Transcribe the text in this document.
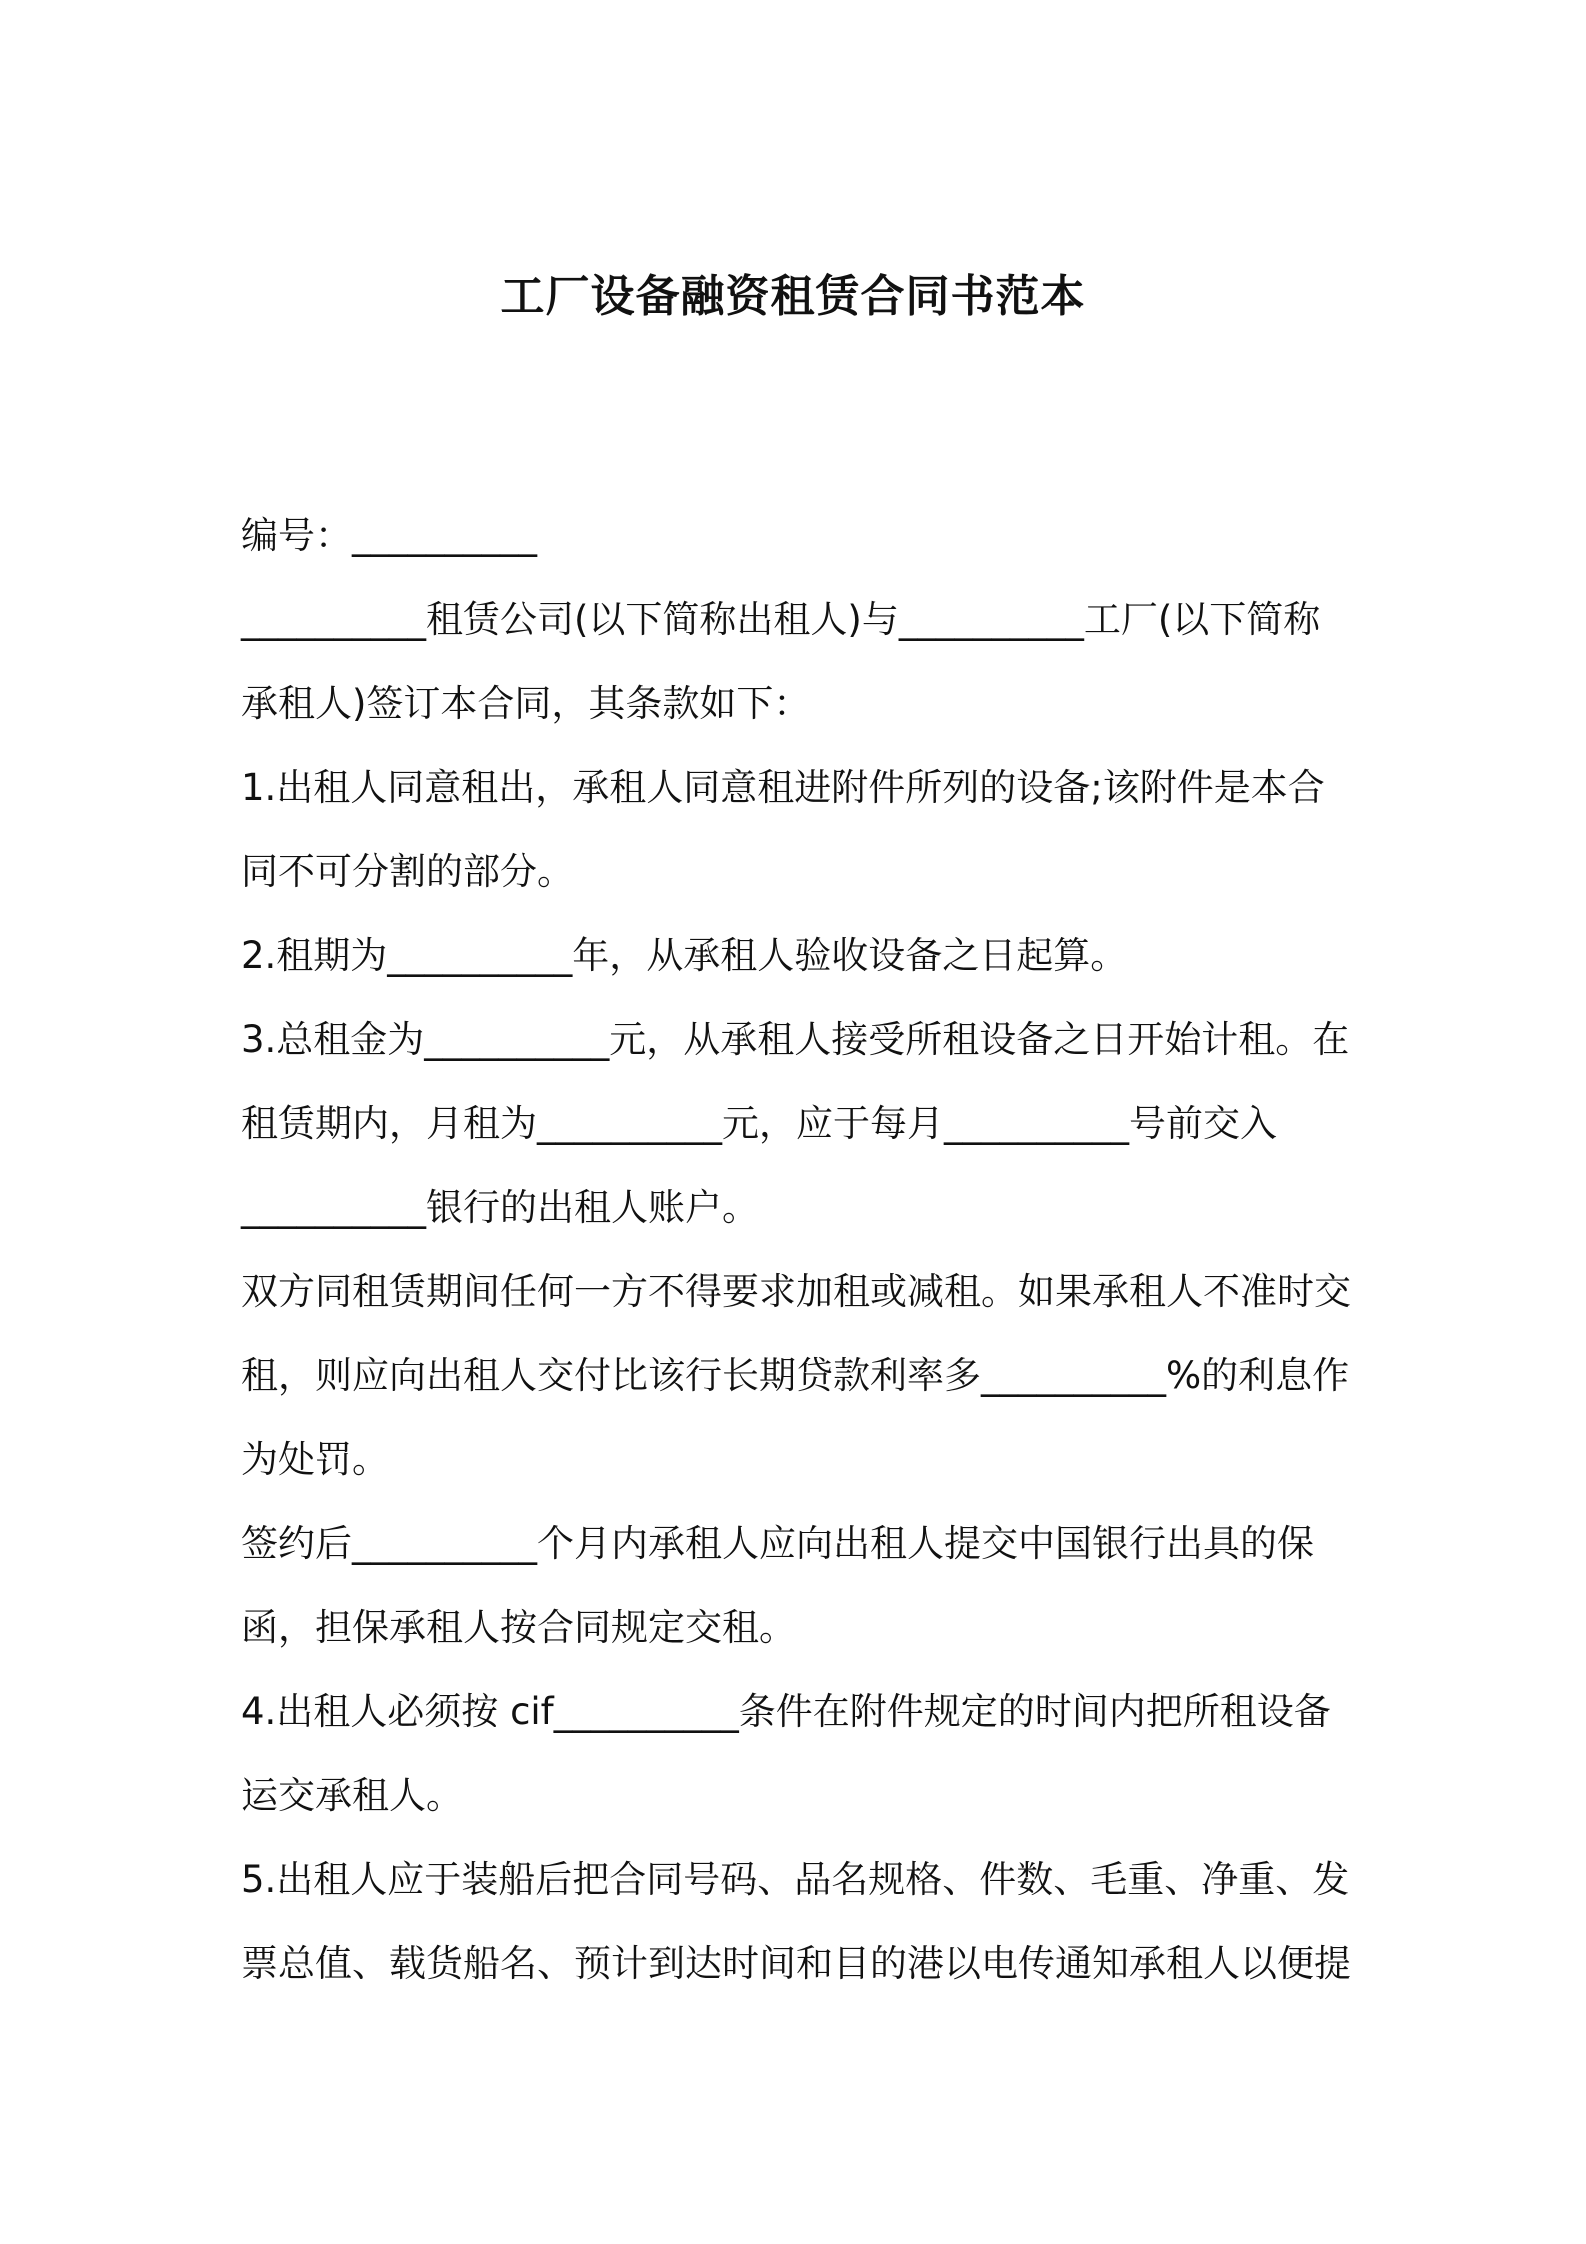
工厂设备融资租赁合同书范本

编号：__________

__________租赁公司(以下简称出租人)与__________工厂(以下简称

承租人)签订本合同，其条款如下：

1.出租人同意租出，承租人同意租进附件所列的设备;该附件是本合

同不可分割的部分。

2.租期为__________年，从承租人验收设备之日起算。

3.总租金为__________元，从承租人接受所租设备之日开始计租。在

租赁期内，月租为__________元，应于每月__________号前交入

__________银行的出租人账户。

双方同租赁期间任何一方不得要求加租或减租。如果承租人不准时交

租，则应向出租人交付比该行长期贷款利率多__________%的利息作

为处罚。

签约后__________个月内承租人应向出租人提交中国银行出具的保

函，担保承租人按合同规定交租。

4.出租人必须按 cif__________条件在附件规定的时间内把所租设备

运交承租人。

5.出租人应于装船后把合同号码、品名规格、件数、毛重、净重、发

票总值、载货船名、预计到达时间和目的港以电传通知承租人以便提
